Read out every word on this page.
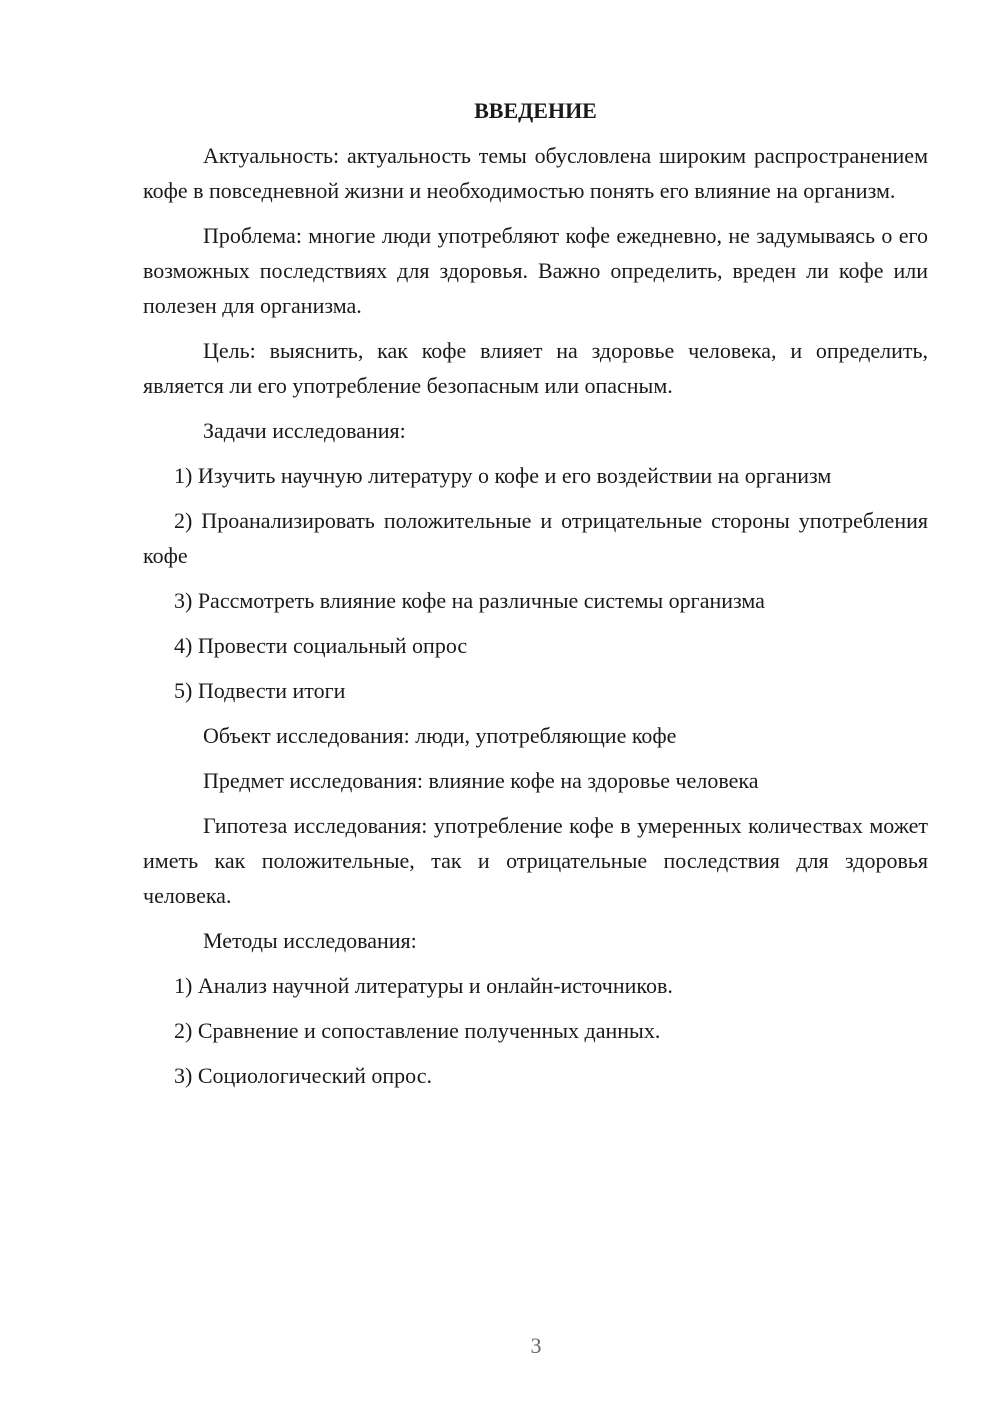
ВВЕДЕНИЕ

Актуальность: актуальность темы обусловлена широким распространением кофе в повседневной жизни и необходимостью понять его влияние на организм.

Проблема: многие люди употребляют кофе ежедневно, не задумываясь о его возможных последствиях для здоровья. Важно определить, вреден ли кофе или полезен для организма.

Цель: выяснить, как кофе влияет на здоровье человека, и определить, является ли его употребление безопасным или опасным.

Задачи исследования:

1) Изучить научную литературу о кофе и его воздействии на организм

2) Проанализировать положительные и отрицательные стороны употребления кофе

3) Рассмотреть влияние кофе на различные системы организма

4) Провести социальный опрос

5) Подвести итоги

Объект исследования: люди, употребляющие кофе

Предмет исследования: влияние кофе на здоровье человека

Гипотеза исследования: употребление кофе в умеренных количествах может иметь как положительные, так и отрицательные последствия для здоровья человека.

Методы исследования:

1) Анализ научной литературы и онлайн-источников.

2) Сравнение и сопоставление полученных данных.

3) Социологический опрос.

3
